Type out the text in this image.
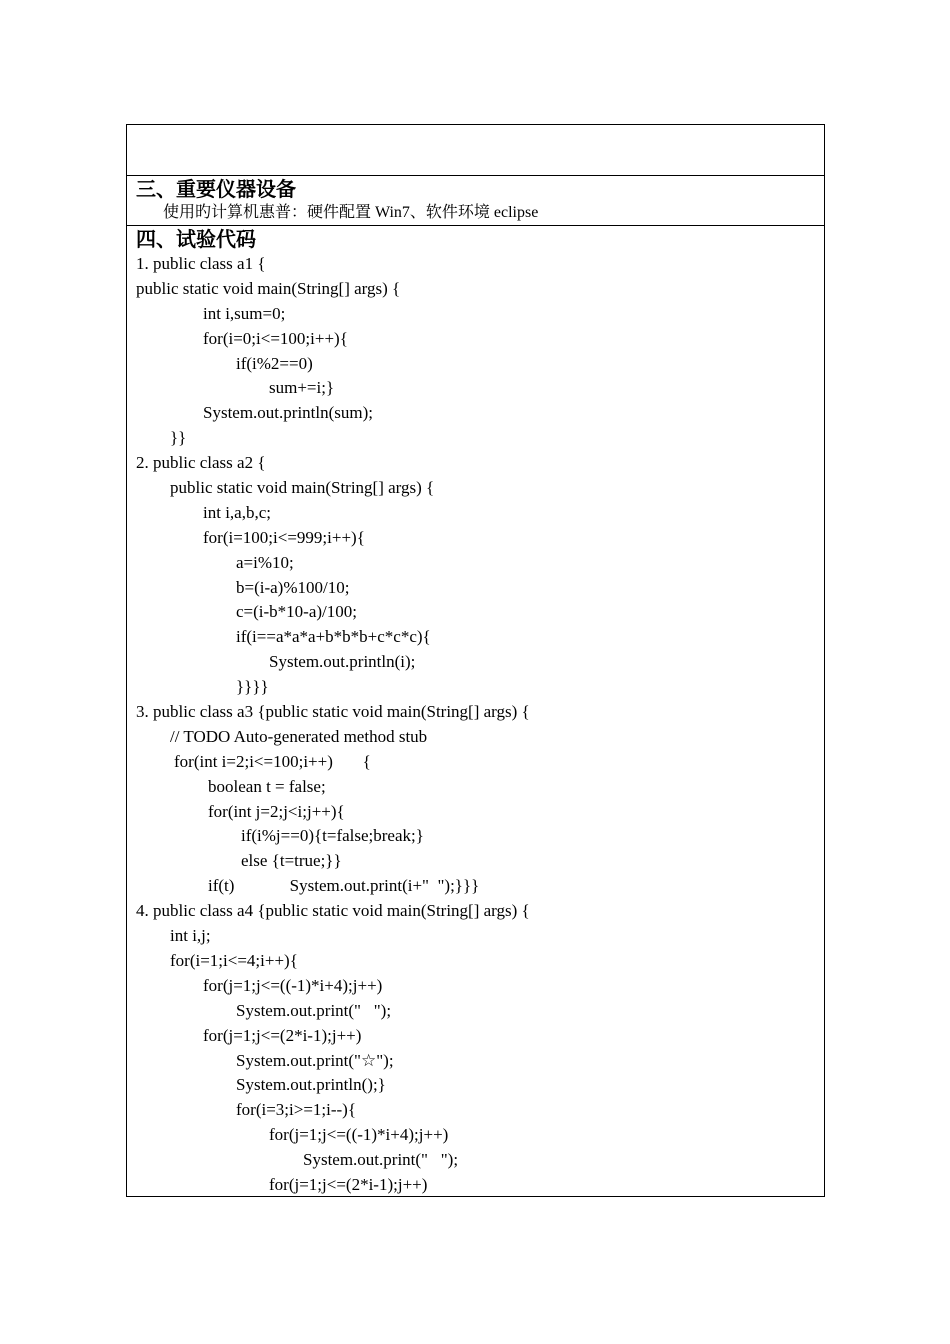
三、重要仪器设备
使用旳计算机惠普：硬件配置 Win7、软件环境 eclipse
四、试验代码
1. public class a1 {
public static void main(String[] args) {
int i,sum=0;
for(i=0;i<=100;i++){
if(i%2==0)
sum+=i;}
System.out.println(sum);
}}
2. public class a2 {
public static void main(String[] args) {
int i,a,b,c;
for(i=100;i<=999;i++){
a=i%10;
b=(i-a)%100/10;
c=(i-b*10-a)/100;
if(i==a*a*a+b*b*b+c*c*c){
System.out.println(i);
}}}}
3. public class a3 {public static void main(String[] args) {
// TODO Auto-generated method stub
for(int i=2;i<=100;i++)       {
boolean t = false;
for(int j=2;j<i;j++){
if(i%j==0){t=false;break;}
else {t=true;}}
if(t)             System.out.print(i+"  ");}}}
4. public class a4 {public static void main(String[] args) {
int i,j;
for(i=1;i<=4;i++){
for(j=1;j<=((-1)*i+4);j++)
System.out.print("   ");
for(j=1;j<=(2*i-1);j++)
System.out.print("☆");
System.out.println();}
for(i=3;i>=1;i--){
for(j=1;j<=((-1)*i+4);j++)
System.out.print("   ");
for(j=1;j<=(2*i-1);j++)
